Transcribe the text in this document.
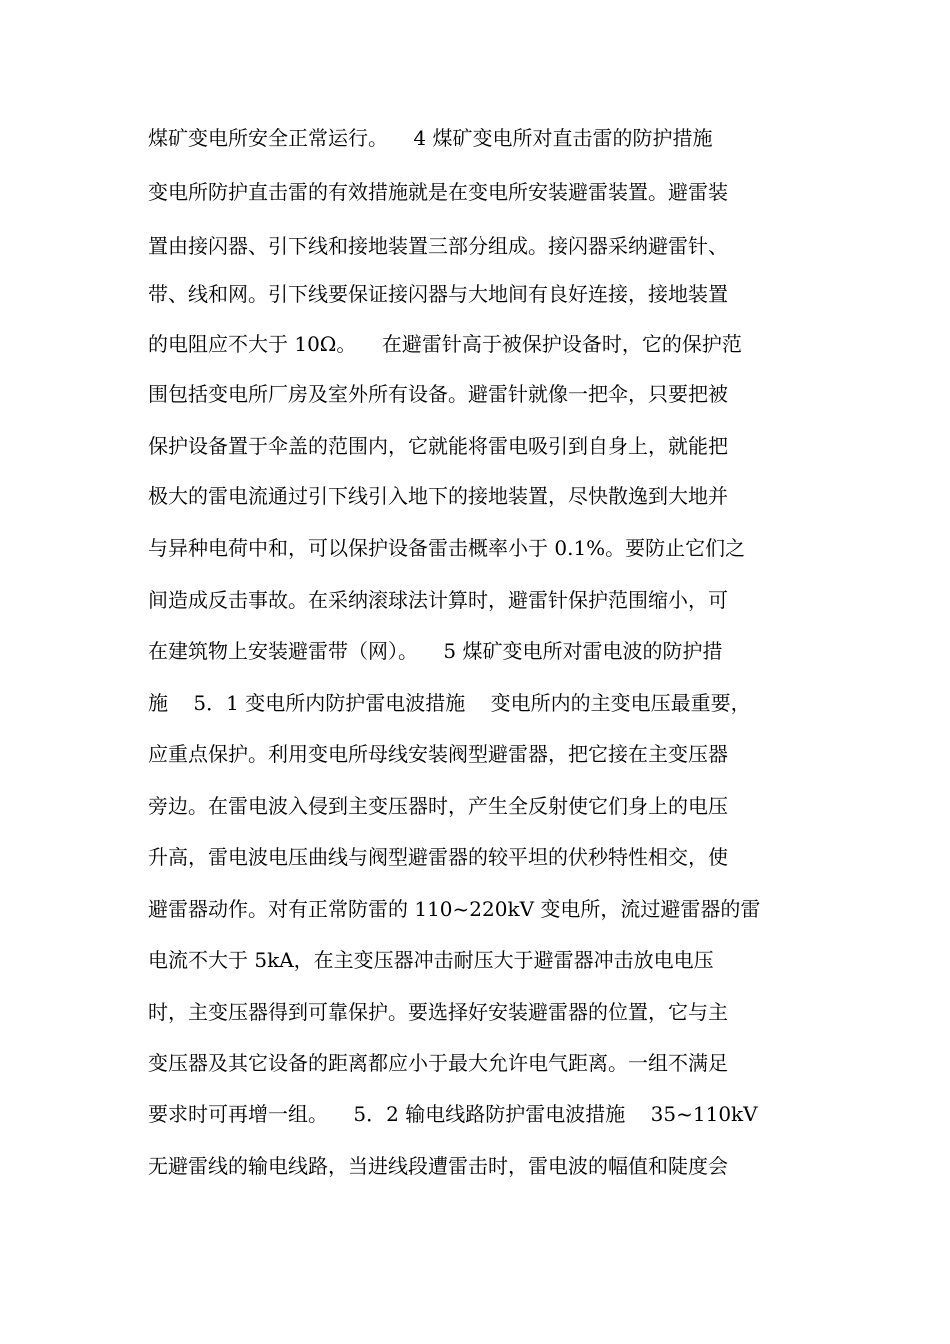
煤矿变电所安全正常运行。    4 煤矿变电所对直击雷的防护措施
变电所防护直击雷的有效措施就是在变电所安装避雷装置。避雷装
置由接闪器、引下线和接地装置三部分组成。接闪器采纳避雷针、
带、线和网。引下线要保证接闪器与大地间有良好连接，接地装置
的电阻应不大于 10Ω。    在避雷针高于被保护设备时，它的保护范
围包括变电所厂房及室外所有设备。避雷针就像一把伞，只要把被
保护设备置于伞盖的范围内，它就能将雷电吸引到自身上，就能把
极大的雷电流通过引下线引入地下的接地装置，尽快散逸到大地并
与异种电荷中和，可以保护设备雷击概率小于 0.1%。要防止它们之
间造成反击事故。在采纳滚球法计算时，避雷针保护范围缩小，可
在建筑物上安装避雷带（网）。    5 煤矿变电所对雷电波的防护措
施    5．1 变电所内防护雷电波措施    变电所内的主变电压最重要，
应重点保护。利用变电所母线安装阀型避雷器，把它接在主变压器
旁边。在雷电波入侵到主变压器时，产生全反射使它们身上的电压
升高，雷电波电压曲线与阀型避雷器的较平坦的伏秒特性相交，使
避雷器动作。对有正常防雷的 110~220kV 变电所，流过避雷器的雷
电流不大于 5kA，在主变压器冲击耐压大于避雷器冲击放电电压
时，主变压器得到可靠保护。要选择好安装避雷器的位置，它与主
变压器及其它设备的距离都应小于最大允许电气距离。一组不满足
要求时可再增一组。    5．2 输电线路防护雷电波措施    35~110kV
无避雷线的输电线路，当进线段遭雷击时，雷电波的幅值和陡度会
